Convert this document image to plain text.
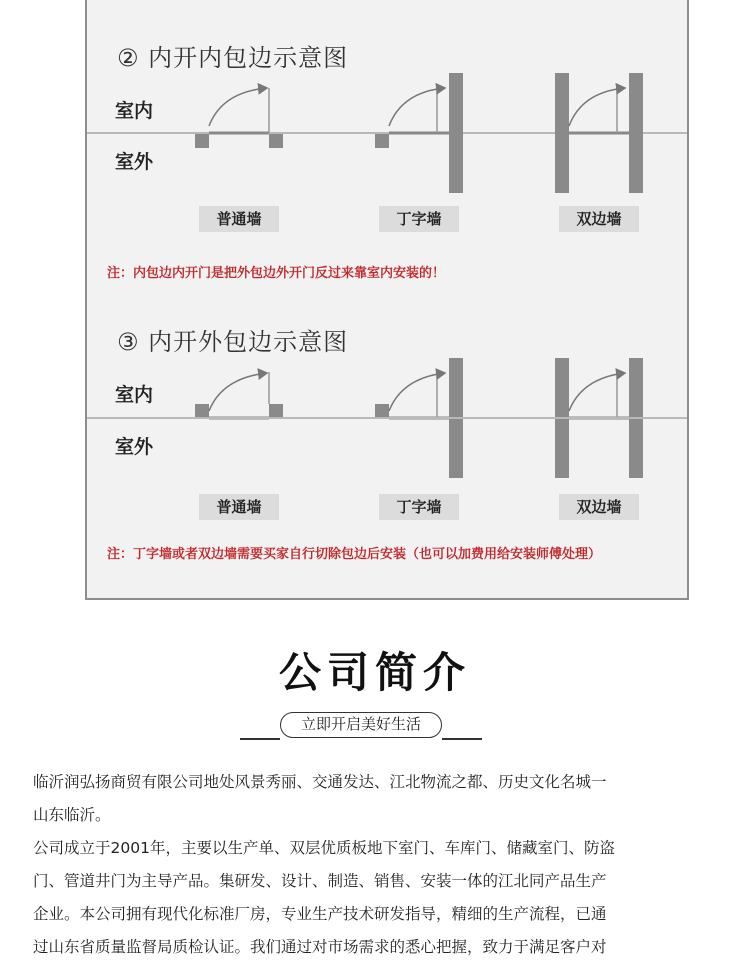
② 内开内包边示意图
室内
室外
普通墙	丁字墙	双边墙
注：内包边内开门是把外包边外开门反过来靠室内安装的！
③ 内开外包边示意图
室内
室外
普通墙	丁字墙	双边墙
注：丁字墙或者双边墙需要买家自行切除包边后安装（也可以加费用给安装师傅处理）
公司简介
立即开启美好生活

临沂润弘扬商贸有限公司地处风景秀丽、交通发达、江北物流之都、历史文化名城一

山东临沂。

公司成立于2001年，主要以生产单、双层优质板地下室门、车库门、储藏室门、防盗

门、管道井门为主导产品。集研发、设计、制造、销售、安装一体的江北同产品生产

企业。本公司拥有现代化标准厂房，专业生产技术研发指导，精细的生产流程，已通

过山东省质量监督局质检认证。我们通过对市场需求的悉心把握，致力于满足客户对
